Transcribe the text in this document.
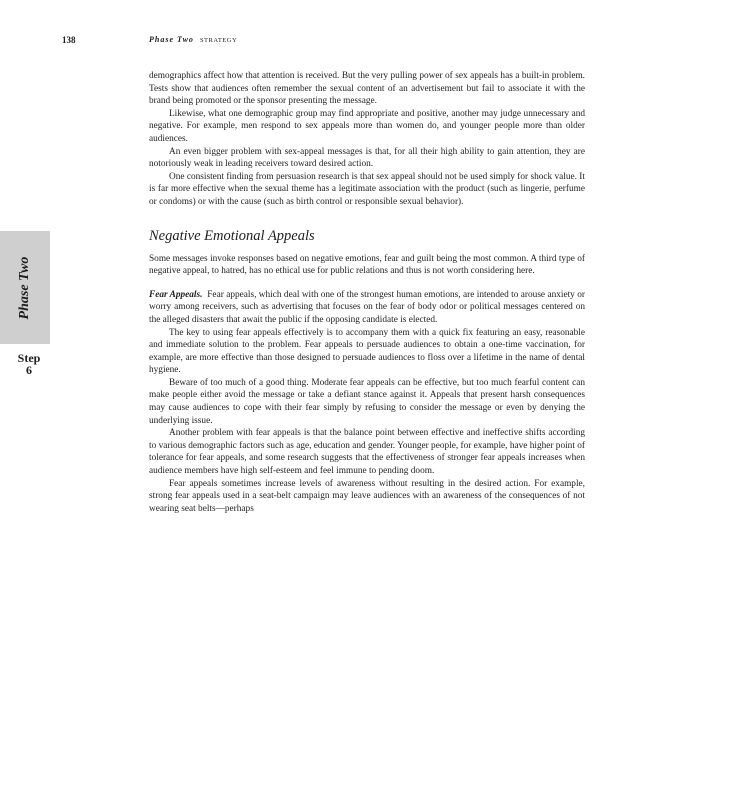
138	Phase Two STRATEGY
Phase Two
Step
6

demographics affect how that attention is received. But the very pulling power of sex appeals has a built-in problem. Tests show that audiences often remember the sexual content of an advertisement but fail to associate it with the brand being promoted or the sponsor presenting the message.

Likewise, what one demographic group may find appropriate and positive, another may judge unnecessary and negative. For example, men respond to sex appeals more than women do, and younger people more than older audiences.

An even bigger problem with sex-appeal messages is that, for all their high ability to gain attention, they are notoriously weak in leading receivers toward desired action.

One consistent finding from persuasion research is that sex appeal should not be used simply for shock value. It is far more effective when the sexual theme has a legitimate association with the product (such as lingerie, perfume or condoms) or with the cause (such as birth control or responsible sexual behavior).

Negative Emotional Appeals

Some messages invoke responses based on negative emotions, fear and guilt being the most common. A third type of negative appeal, to hatred, has no ethical use for public relations and thus is not worth considering here.

Fear Appeals. Fear appeals, which deal with one of the strongest human emotions, are intended to arouse anxiety or worry among receivers, such as advertising that focuses on the fear of body odor or political messages centered on the alleged disasters that await the public if the opposing candidate is elected.

The key to using fear appeals effectively is to accompany them with a quick fix featuring an easy, reasonable and immediate solution to the problem. Fear appeals to persuade audiences to obtain a one-time vaccination, for example, are more effective than those designed to persuade audiences to floss over a lifetime in the name of dental hygiene.

Beware of too much of a good thing. Moderate fear appeals can be effective, but too much fearful content can make people either avoid the message or take a defiant stance against it. Appeals that present harsh consequences may cause audiences to cope with their fear simply by refusing to consider the message or even by denying the underlying issue.

Another problem with fear appeals is that the balance point between effective and ineffective shifts according to various demographic factors such as age, education and gender. Younger people, for example, have higher point of tolerance for fear appeals, and some research suggests that the effectiveness of stronger fear appeals increases when audience members have high self-esteem and feel immune to pending doom.

Fear appeals sometimes increase levels of awareness without resulting in the desired action. For example, strong fear appeals used in a seat-belt campaign may leave audiences with an awareness of the consequences of not wearing seat belts—perhaps
